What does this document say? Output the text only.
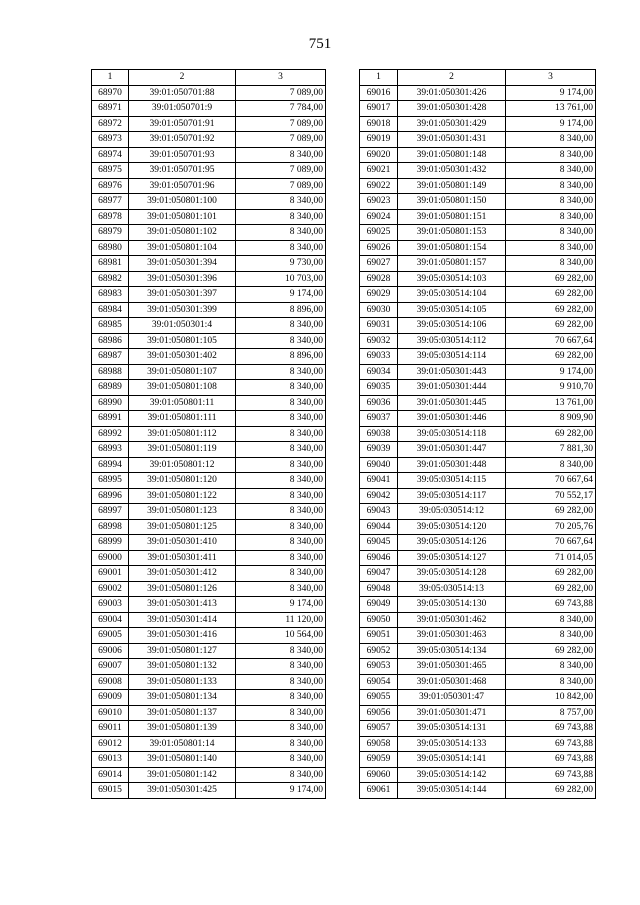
751
1	2	3
68970	39:01:050701:88	7 089,00
68971	39:01:050701:9	7 784,00
68972	39:01:050701:91	7 089,00
68973	39:01:050701:92	7 089,00
68974	39:01:050701:93	8 340,00
68975	39:01:050701:95	7 089,00
68976	39:01:050701:96	7 089,00
68977	39:01:050801:100	8 340,00
68978	39:01:050801:101	8 340,00
68979	39:01:050801:102	8 340,00
68980	39:01:050801:104	8 340,00
68981	39:01:050301:394	9 730,00
68982	39:01:050301:396	10 703,00
68983	39:01:050301:397	9 174,00
68984	39:01:050301:399	8 896,00
68985	39:01:050301:4	8 340,00
68986	39:01:050801:105	8 340,00
68987	39:01:050301:402	8 896,00
68988	39:01:050801:107	8 340,00
68989	39:01:050801:108	8 340,00
68990	39:01:050801:11	8 340,00
68991	39:01:050801:111	8 340,00
68992	39:01:050801:112	8 340,00
68993	39:01:050801:119	8 340,00
68994	39:01:050801:12	8 340,00
68995	39:01:050801:120	8 340,00
68996	39:01:050801:122	8 340,00
68997	39:01:050801:123	8 340,00
68998	39:01:050801:125	8 340,00
68999	39:01:050301:410	8 340,00
69000	39:01:050301:411	8 340,00
69001	39:01:050301:412	8 340,00
69002	39:01:050801:126	8 340,00
69003	39:01:050301:413	9 174,00
69004	39:01:050301:414	11 120,00
69005	39:01:050301:416	10 564,00
69006	39:01:050801:127	8 340,00
69007	39:01:050801:132	8 340,00
69008	39:01:050801:133	8 340,00
69009	39:01:050801:134	8 340,00
69010	39:01:050801:137	8 340,00
69011	39:01:050801:139	8 340,00
69012	39:01:050801:14	8 340,00
69013	39:01:050801:140	8 340,00
69014	39:01:050801:142	8 340,00
69015	39:01:050301:425	9 174,00
1	2	3
69016	39:01:050301:426	9 174,00
69017	39:01:050301:428	13 761,00
69018	39:01:050301:429	9 174,00
69019	39:01:050301:431	8 340,00
69020	39:01:050801:148	8 340,00
69021	39:01:050301:432	8 340,00
69022	39:01:050801:149	8 340,00
69023	39:01:050801:150	8 340,00
69024	39:01:050801:151	8 340,00
69025	39:01:050801:153	8 340,00
69026	39:01:050801:154	8 340,00
69027	39:01:050801:157	8 340,00
69028	39:05:030514:103	69 282,00
69029	39:05:030514:104	69 282,00
69030	39:05:030514:105	69 282,00
69031	39:05:030514:106	69 282,00
69032	39:05:030514:112	70 667,64
69033	39:05:030514:114	69 282,00
69034	39:01:050301:443	9 174,00
69035	39:01:050301:444	9 910,70
69036	39:01:050301:445	13 761,00
69037	39:01:050301:446	8 909,90
69038	39:05:030514:118	69 282,00
69039	39:01:050301:447	7 881,30
69040	39:01:050301:448	8 340,00
69041	39:05:030514:115	70 667,64
69042	39:05:030514:117	70 552,17
69043	39:05:030514:12	69 282,00
69044	39:05:030514:120	70 205,76
69045	39:05:030514:126	70 667,64
69046	39:05:030514:127	71 014,05
69047	39:05:030514:128	69 282,00
69048	39:05:030514:13	69 282,00
69049	39:05:030514:130	69 743,88
69050	39:01:050301:462	8 340,00
69051	39:01:050301:463	8 340,00
69052	39:05:030514:134	69 282,00
69053	39:01:050301:465	8 340,00
69054	39:01:050301:468	8 340,00
69055	39:01:050301:47	10 842,00
69056	39:01:050301:471	8 757,00
69057	39:05:030514:131	69 743,88
69058	39:05:030514:133	69 743,88
69059	39:05:030514:141	69 743,88
69060	39:05:030514:142	69 743,88
69061	39:05:030514:144	69 282,00
